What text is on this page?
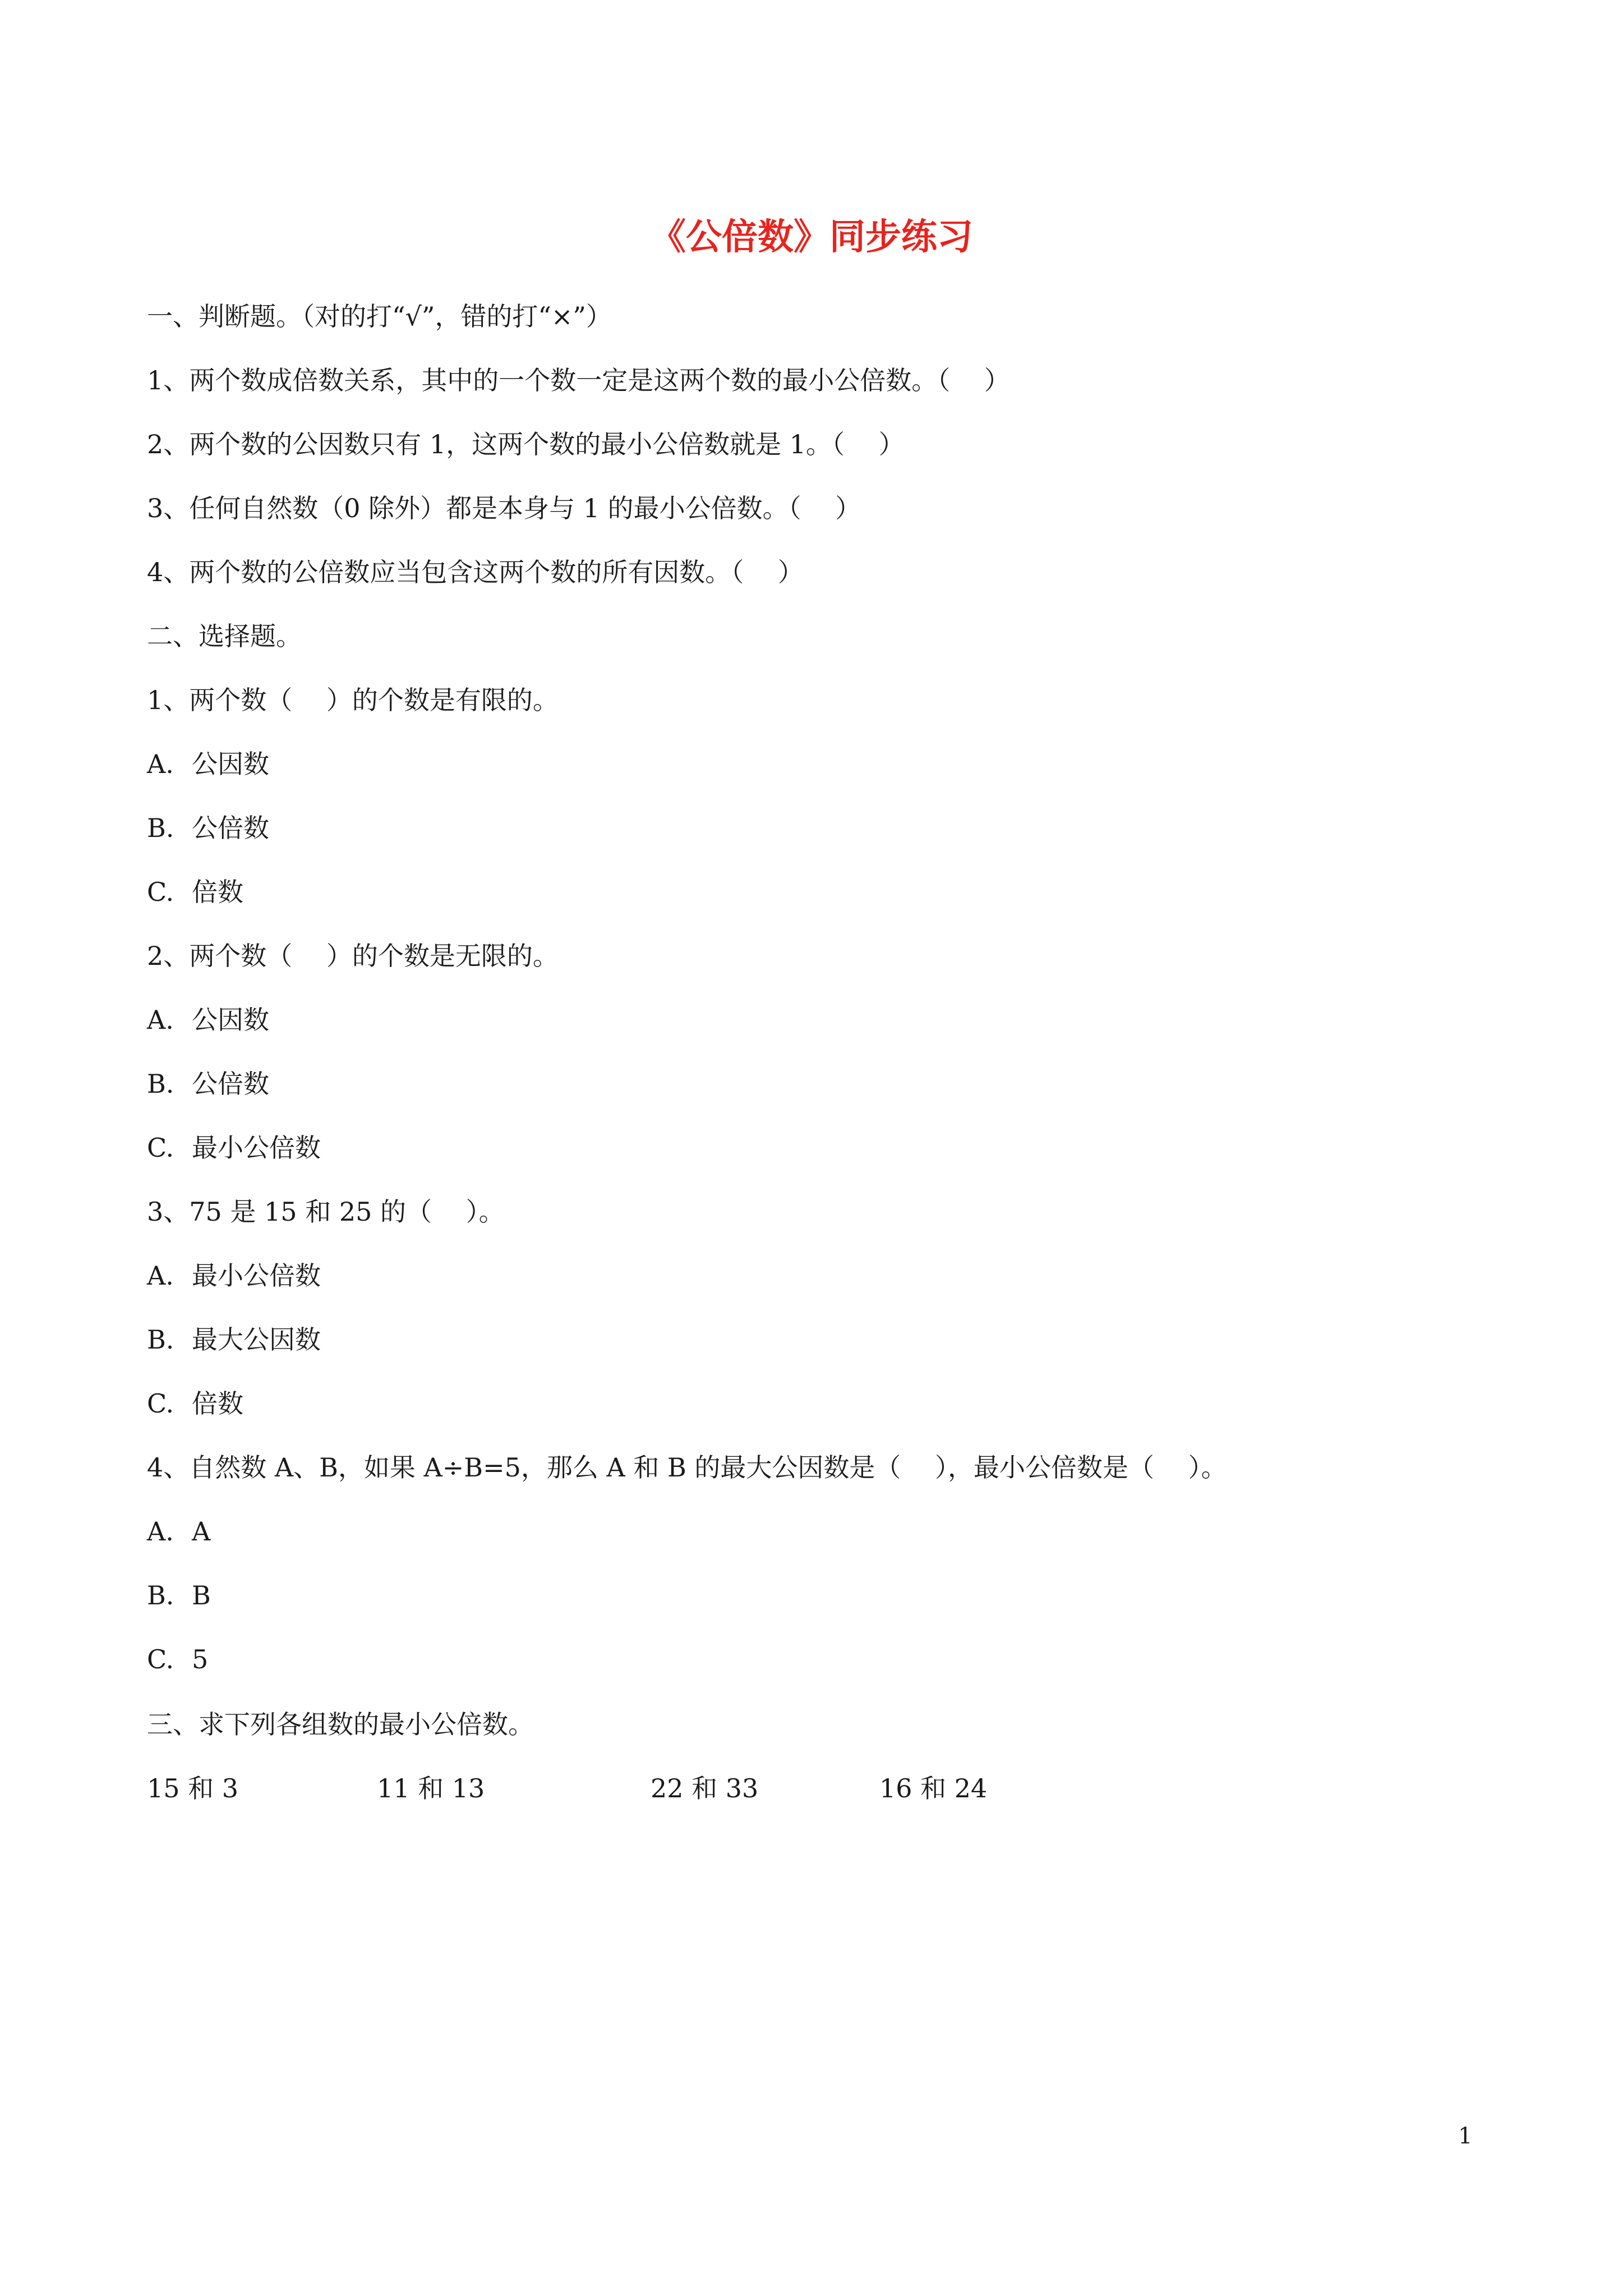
《公倍数》同步练习
一、判断题。（对的打“√”，错的打“×”）
1、两个数成倍数关系，其中的一个数一定是这两个数的最小公倍数。（　 ）
2、两个数的公因数只有 1，这两个数的最小公倍数就是 1。（　 ）
3、任何自然数（0 除外）都是本身与 1 的最小公倍数。（　 ）
4、两个数的公倍数应当包含这两个数的所有因数。（　 ）
二、选择题。
1、两个数（　 ）的个数是有限的。
A. 公因数
B. 公倍数
C. 倍数
2、两个数（　 ）的个数是无限的。
A. 公因数
B. 公倍数
C. 最小公倍数
3、75 是 15 和 25 的（　 ）。
A. 最小公倍数
B. 最大公因数
C. 倍数
4、自然数 A、B，如果 A÷B=5，那么 A 和 B 的最大公因数是（　 ），最小公倍数是（　 ）。
A. A
B. B
C. 5
三、求下列各组数的最小公倍数。
15 和 3	11 和 13	22 和 33	16 和 24
1
